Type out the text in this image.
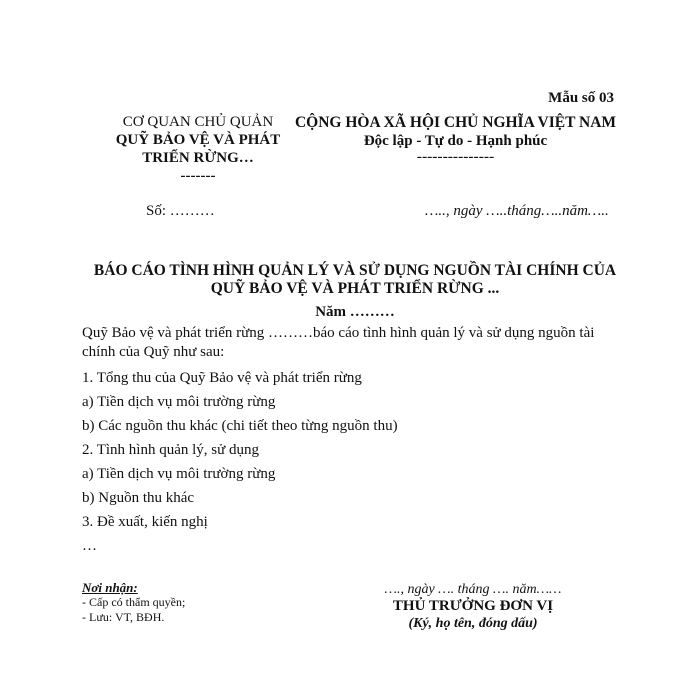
Mẫu số 03
CƠ QUAN CHỦ QUẢN
QUỸ BẢO VỆ VÀ PHÁT
TRIỂN RỪNG…
-------
CỘNG HÒA XÃ HỘI CHỦ NGHĨA VIỆT NAM
Độc lập - Tự do - Hạnh phúc
---------------
Số: ………	….., ngày …..tháng…..năm…..
BÁO CÁO TÌNH HÌNH QUẢN LÝ VÀ SỬ DỤNG NGUỒN TÀI CHÍNH CỦA
QUỸ BẢO VỆ VÀ PHÁT TRIỂN RỪNG ...
Năm ………

Quỹ Bảo vệ và phát triển rừng ………báo cáo tình hình quản lý và sử dụng nguồn tài chính của Quỹ như sau:

1. Tổng thu của Quỹ Bảo vệ và phát triển rừng
a) Tiền dịch vụ môi trường rừng
b) Các nguồn thu khác (chi tiết theo từng nguồn thu)
2. Tình hình quản lý, sử dụng
a) Tiền dịch vụ môi trường rừng
b) Nguồn thu khác
3. Đề xuất, kiến nghị
…
Nơi nhận:
- Cấp có thẩm quyền;
- Lưu: VT, BĐH.
…., ngày …. tháng …. năm……
THỦ TRƯỞNG ĐƠN VỊ
(Ký, họ tên, đóng dấu)
